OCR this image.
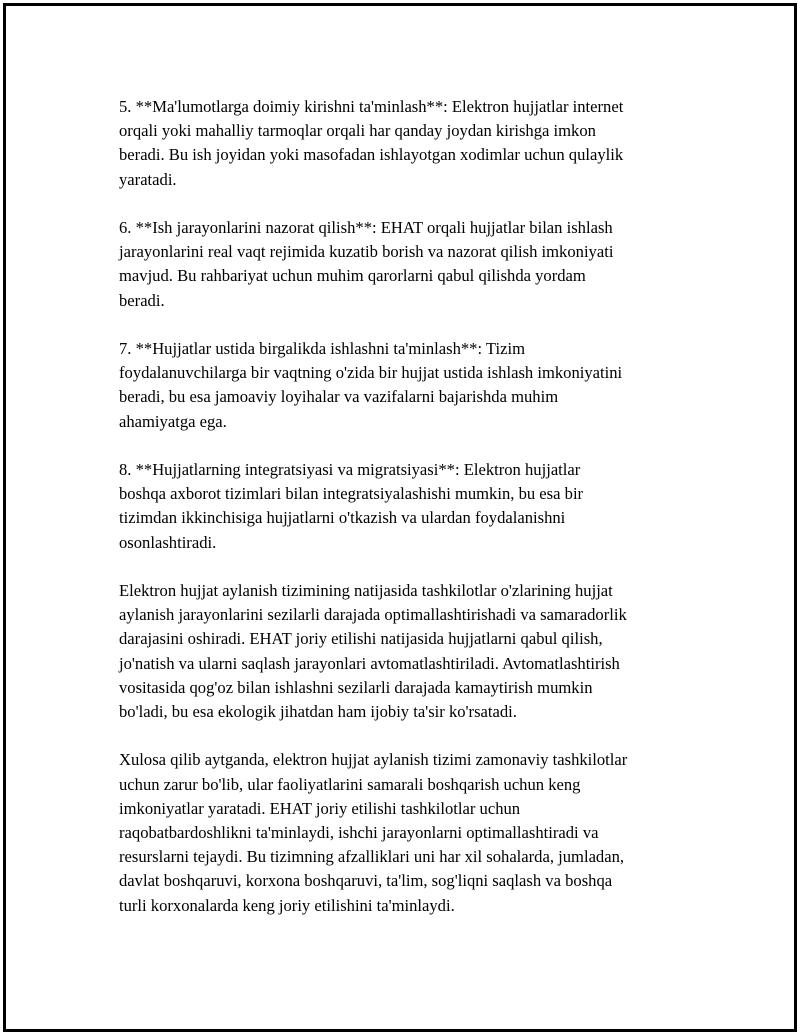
5. **Ma'lumotlarga doimiy kirishni ta'minlash**: Elektron hujjatlar internet
orqali yoki mahalliy tarmoqlar orqali har qanday joydan kirishga imkon
beradi. Bu ish joyidan yoki masofadan ishlayotgan xodimlar uchun qulaylik
yaratadi.

6. **Ish jarayonlarini nazorat qilish**: EHAT orqali hujjatlar bilan ishlash
jarayonlarini real vaqt rejimida kuzatib borish va nazorat qilish imkoniyati
mavjud. Bu rahbariyat uchun muhim qarorlarni qabul qilishda yordam
beradi.

7. **Hujjatlar ustida birgalikda ishlashni ta'minlash**: Tizim
foydalanuvchilarga bir vaqtning o'zida bir hujjat ustida ishlash imkoniyatini
beradi, bu esa jamoaviy loyihalar va vazifalarni bajarishda muhim
ahamiyatga ega.

8. **Hujjatlarning integratsiyasi va migratsiyasi**: Elektron hujjatlar
boshqa axborot tizimlari bilan integratsiyalashishi mumkin, bu esa bir
tizimdan ikkinchisiga hujjatlarni o'tkazish va ulardan foydalanishni
osonlashtiradi.

Elektron hujjat aylanish tizimining natijasida tashkilotlar o'zlarining hujjat
aylanish jarayonlarini sezilarli darajada optimallashtirishadi va samaradorlik
darajasini oshiradi. EHAT joriy etilishi natijasida hujjatlarni qabul qilish,
jo'natish va ularni saqlash jarayonlari avtomatlashtiriladi. Avtomatlashtirish
vositasida qog'oz bilan ishlashni sezilarli darajada kamaytirish mumkin
bo'ladi, bu esa ekologik jihatdan ham ijobiy ta'sir ko'rsatadi.

Xulosa qilib aytganda, elektron hujjat aylanish tizimi zamonaviy tashkilotlar
uchun zarur bo'lib, ular faoliyatlarini samarali boshqarish uchun keng
imkoniyatlar yaratadi. EHAT joriy etilishi tashkilotlar uchun
raqobatbardoshlikni ta'minlaydi, ishchi jarayonlarni optimallashtiradi va
resurslarni tejaydi. Bu tizimning afzalliklari uni har xil sohalarda, jumladan,
davlat boshqaruvi, korxona boshqaruvi, ta'lim, sog'liqni saqlash va boshqa
turli korxonalarda keng joriy etilishini ta'minlaydi.
